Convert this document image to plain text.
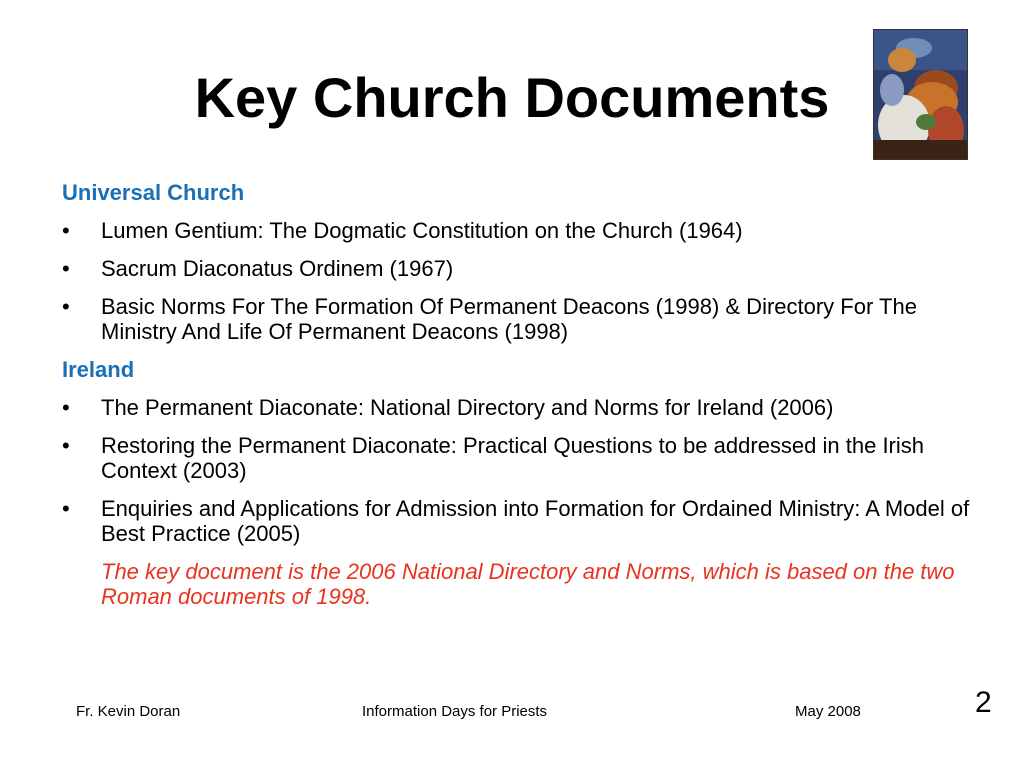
Key Church Documents

Universal Church

•	Lumen Gentium: The Dogmatic Constitution on the Church (1964)
•	Sacrum Diaconatus Ordinem (1967)
•	Basic Norms For The Formation Of Permanent Deacons (1998) & Directory For The Ministry And Life Of Permanent Deacons (1998)

Ireland

•	The Permanent Diaconate: National Directory and Norms for Ireland (2006)
•	Restoring the Permanent Diaconate: Practical Questions to be addressed in the Irish Context (2003)
•	Enquiries and Applications for Admission into Formation for Ordained Ministry: A Model of Best Practice (2005)

The key document is the 2006 National Directory and Norms, which is based on the two Roman documents of 1998.

Fr. Kevin Doran	Information Days for Priests	May 2008	2
